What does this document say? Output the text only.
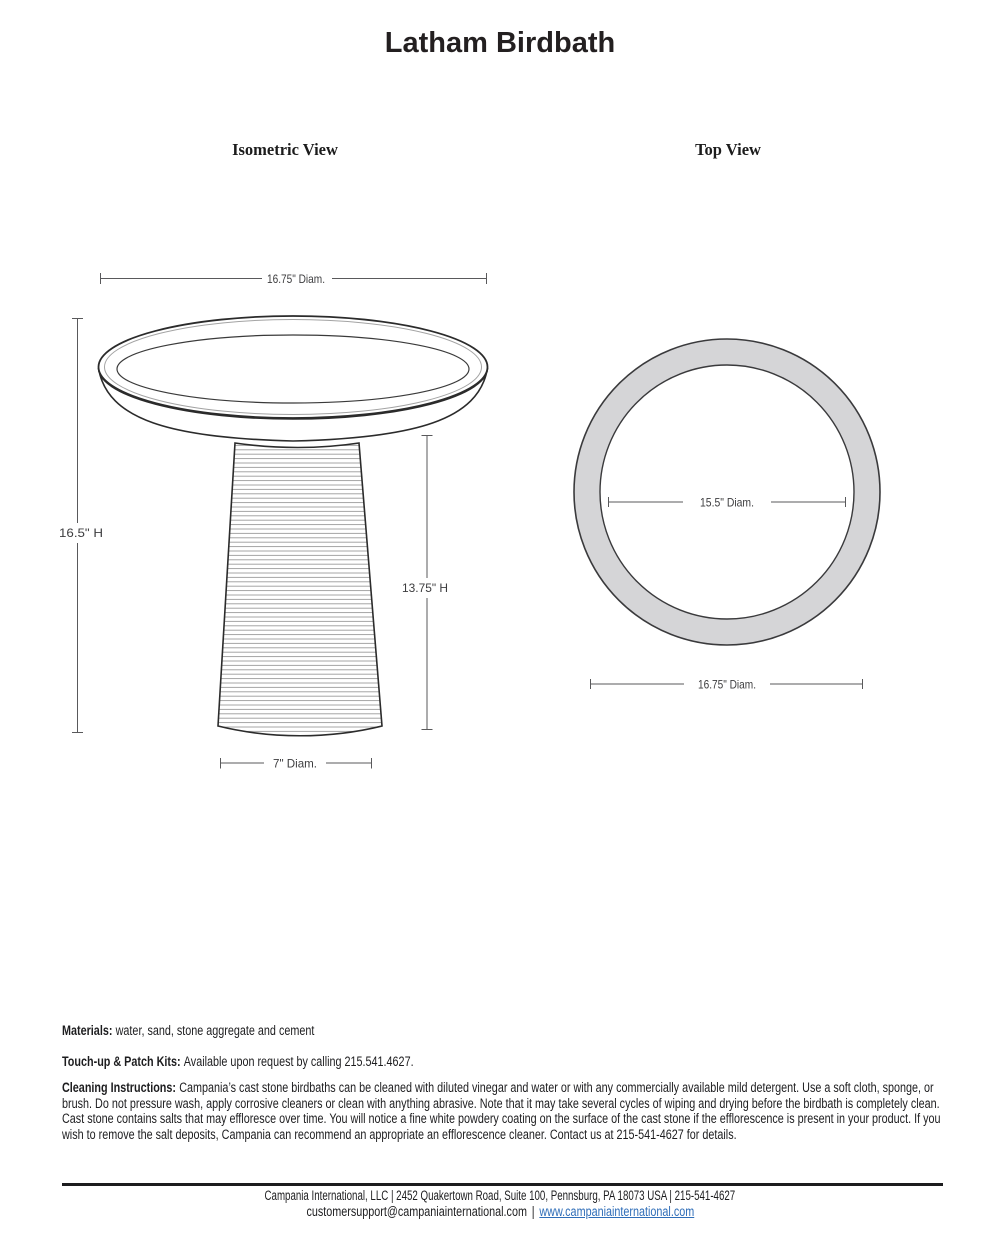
Latham Birdbath
16.75" Diam.
16.5" H
13.75" H
7" Diam.
15.5" Diam.
16.75" Diam.
Isometric View	Top View

Materials: water, sand, stone aggregate and cement

Touch-up & Patch Kits: Available upon request by calling 215.541.4627.

Cleaning Instructions: Campania’s cast stone birdbaths can be cleaned with diluted vinegar and water or with any commercially available mild detergent. Use a soft cloth, sponge, or brush. Do not pressure wash, apply corrosive cleaners or clean with anything abrasive. Note that it may take several cycles of wiping and drying before the birdbath is completely clean. Cast stone contains salts that may effloresce over time. You will notice a fine white powdery coating on the surface of the cast stone if the efflorescence is present in your product. If you wish to remove the salt deposits, Campania can recommend an appropriate an efflorescence cleaner. Contact us at 215-541-4627 for details.

Campania International, LLC | 2452 Quakertown Road, Suite 100, Pennsburg, PA 18073 USA | 215-541-4627
customersupport@campaniainternational.com | www.campaniainternational.com
